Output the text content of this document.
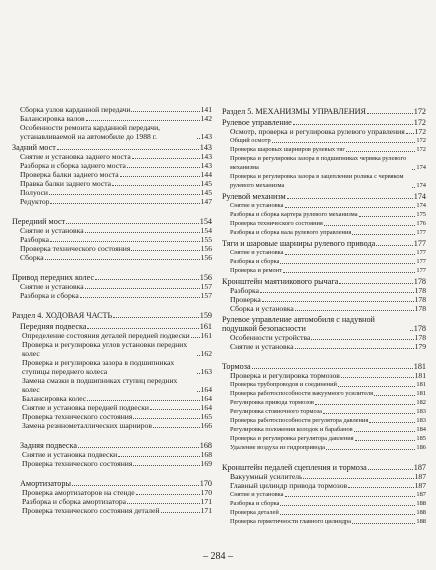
Сборка узлов карданной передачи	141
Балансировка валов	142
Особенности ремонта карданной передачи, устанавливаемой на автомобиле до 1988 г.	143
Задний мост	143
Снятие и установка заднего моста	143
Разборка и сборка заднего моста	143
Проверка балки заднего моста	144
Правка балки заднего моста	145
Полуоси	145
Редуктор	147
Передний мост	154
Снятие и установка	154
Разборка	155
Проверка технического состояния	156
Сборка	156
Привод передних колес	156
Снятие и установка	157
Разборка и сборка	157
Раздел 4. ХОДОВАЯ ЧАСТЬ	159
Передняя подвеска	161
Определение состояния деталей передней подвески 161
Проверка и регулировка углов установки передних колес	162
Проверка и регулировка зазора в подшипниках ступицы переднего колеса	163
Замена смазки в подшипниках ступиц передних колес	164
Балансировка колес	164
Снятие и установка передней подвески	164
Проверка технического состояния	165
Замена резинометаллических шарниров	166
Задняя подвеска	168
Снятие и установка подвески	168
Проверка технического состояния	169
Амортизаторы	170
Проверка амортизаторов на стенде	170
Разборка и сборка амортизатора	171
Проверка технического состояния деталей	171
Раздел 5. МЕХАНИЗМЫ УПРАВЛЕНИЯ	172
Рулевое управление	172
Осмотр, проверка и регулировка рулевого управления 172
Общий осмотр	172
Проверка шаровых шарниров рулевых тяг	172
Проверка и регулировка зазора в подшипниках червяка рулевого механизма	174
Проверка и регулировка зазора в зацеплении ролика с червяком рулевого механизма	174
Рулевой механизм	174
Снятие и установка	174
Разборка и сборка картера рулевого механизма	175
Проверка технического состояния	176
Разборка и сборка вала рулевого управления	177
Тяги и шаровые шарниры рулевого привода	177
Снятие и установка	177
Разборка и сборка	177
Проверка и ремонт	177
Кронштейн маятникового рычага	178
Разборка	178
Проверка	178
Сборка и установка	178
Рулевое управление автомобиля с надувной подушкой безопасности	178
Особенности устройства	178
Снятие и установка	179
Тормоза	181
Проверка и регулировка тормозов	181
Проверка трубопроводов и соединений	181
Проверка работоспособности вакуумного усилителя	181
Регулировка привода тормозов	182
Регулировка стояночного тормоза	183
Проверка работоспособности регулятора давления	183
Регулировка положения колодок и барабанов	184
Проверка и регулировка регулятора давления	185
Удаление воздуха из гидропривода	186
Кронштейн педалей сцепления и тормоза	187
Вакуумный усилитель	187
Главный цилиндр привода тормозов	187
Снятие и установка	187
Разборка и сборка	188
Проверка деталей	188
Проверка герметичности главного цилиндра	188
– 284 –
